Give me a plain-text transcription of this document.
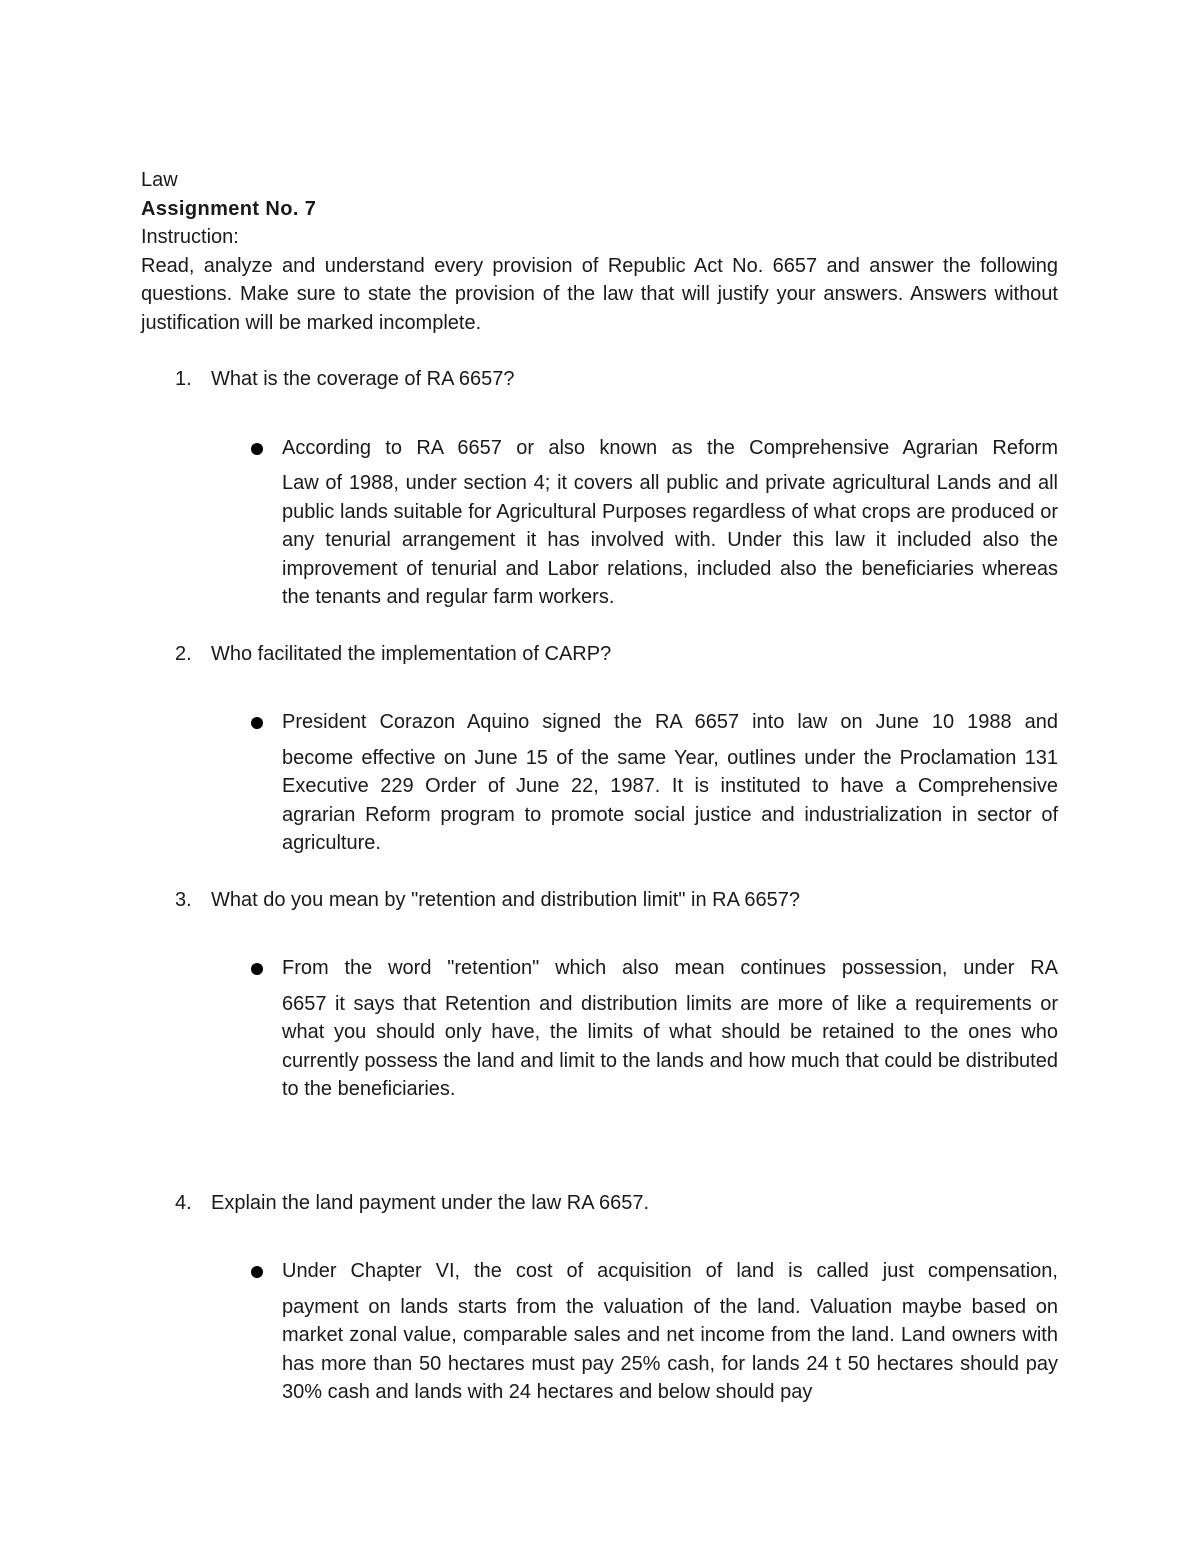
Law

Assignment No. 7

Instruction:

Read, analyze and understand every provision of Republic Act No. 6657 and answer the following questions. Make sure to state the provision of the law that will justify your answers. Answers without justification will be marked incomplete.

1. What is the coverage of RA 6657?

According to RA 6657 or also known as the Comprehensive Agrarian Reform

Law of 1988, under section 4; it covers all public and private agricultural Lands and all public lands suitable for Agricultural Purposes regardless of what crops are produced or any tenurial arrangement it has involved with. Under this law it included also the improvement of tenurial and Labor relations, included also the beneficiaries whereas the tenants and regular farm workers.

2. Who facilitated the implementation of CARP?

President Corazon Aquino signed the RA 6657 into law on June 10 1988 and

become effective on June 15 of the same Year, outlines under the Proclamation 131 Executive 229 Order of June 22, 1987. It is instituted to have a Comprehensive agrarian Reform program to promote social justice and industrialization in sector of agriculture.

3. What do you mean by "retention and distribution limit" in RA 6657?

From the word "retention" which also mean continues possession, under RA

6657 it says that Retention and distribution limits are more of like a requirements or what you should only have, the limits of what should be retained to the ones who currently possess the land and limit to the lands and how much that could be distributed to the beneficiaries.

4. Explain the land payment under the law RA 6657.

Under Chapter VI, the cost of acquisition of land is called just compensation,

payment on lands starts from the valuation of the land. Valuation maybe based on market zonal value, comparable sales and net income from the land. Land owners with has more than 50 hectares must pay 25% cash, for lands 24 t 50 hectares should pay 30% cash and lands with 24 hectares and below should pay
